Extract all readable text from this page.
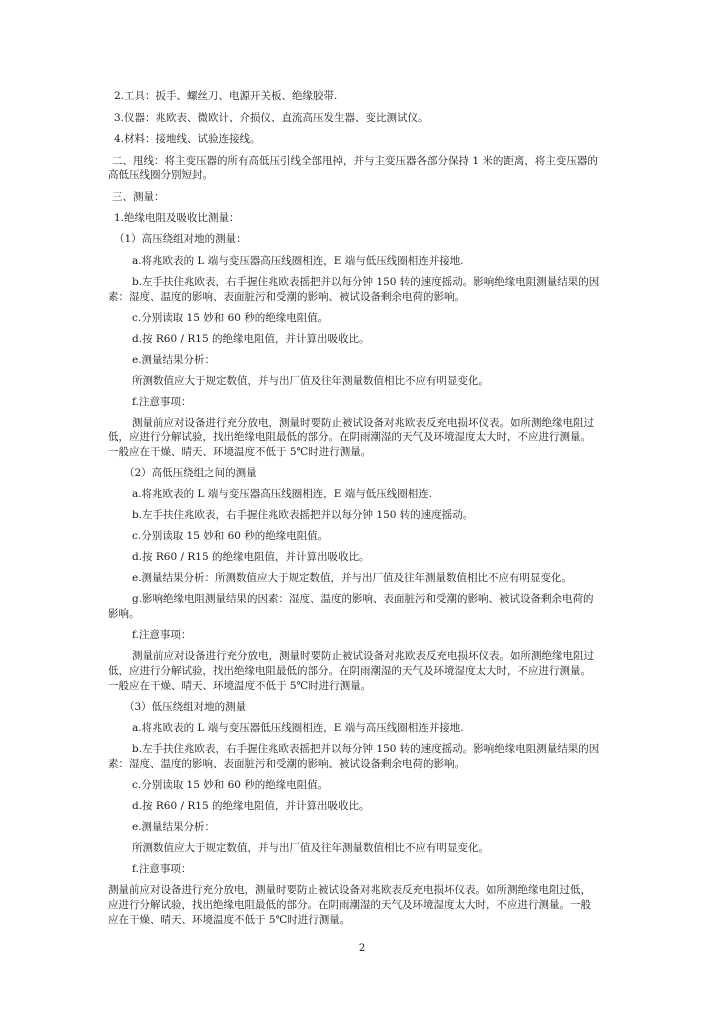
2.工具：扳手、螺丝刀、电源开关板、绝缘胶带.
3.仪器：兆欧表、微欧计、介损仪、直流高压发生器、变比测试仪。
4.材料：接地线、试验连接线。
二、甩线：将主变压器的所有高低压引线全部甩掉，并与主变压器各部分保持 1 米的距离，将主变压器的
高低压线圈分别短封。
三、测量：
1.绝缘电阻及吸收比测量：
（1）高压绕组对地的测量：
a.将兆欧表的 L 端与变压器高压线圈相连，E 端与低压线圈相连并接地.
b.左手扶住兆欧表，右手握住兆欧表摇把并以每分钟 150 转的速度摇动。影响绝缘电阻测量结果的因
素：湿度、温度的影响、表面脏污和受潮的影响、被试设备剩余电荷的影响。
c.分别读取 15 妙和 60 秒的绝缘电阻值。
d.按 R60 / R15 的绝缘电阻值，并计算出吸收比。
e.测量结果分析：
所测数值应大于规定数值，并与出厂值及往年测量数值相比不应有明显变化。
f.注意事项：
测量前应对设备进行充分放电，测量时要防止被试设备对兆欧表反充电损坏仪表。如所测绝缘电阻过
低，应进行分解试验，找出绝缘电阻最低的部分。在阴雨潮湿的天气及环境湿度太大时，不应进行测量。
一般应在干燥、晴天、环境温度不低于 5℃时进行测量。
（2）高低压绕组之间的测量
a.将兆欧表的 L 端与变压器高压线圈相连，E 端与低压线圈相连.
b.左手扶住兆欧表，右手握住兆欧表摇把并以每分钟 150 转的速度摇动。
c.分别读取 15 妙和 60 秒的绝缘电阻值。
d.按 R60 / R15 的绝缘电阻值，并计算出吸收比。
e.测量结果分析：所测数值应大于规定数值，并与出厂值及往年测量数值相比不应有明显变化。
g.影响绝缘电阻测量结果的因素：湿度、温度的影响、表面脏污和受潮的影响、被试设备剩余电荷的
影响。
f.注意事项：
测量前应对设备进行充分放电，测量时要防止被试设备对兆欧表反充电损坏仪表。如所测绝缘电阻过
低，应进行分解试验，找出绝缘电阻最低的部分。在阴雨潮湿的天气及环境湿度太大时，不应进行测量。
一般应在干燥、晴天、环境温度不低于 5℃时进行测量。
（3）低压绕组对地的测量
a.将兆欧表的 L 端与变压器低压线圈相连，E 端与高压线圈相连并接地.
b.左手扶住兆欧表，右手握住兆欧表摇把并以每分钟 150 转的速度摇动。影响绝缘电阻测量结果的因
素：湿度、温度的影响、表面脏污和受潮的影响、被试设备剩余电荷的影响。
c.分别读取 15 妙和 60 秒的绝缘电阻值。
d.按 R60 / R15 的绝缘电阻值，并计算出吸收比。
e.测量结果分析：
所测数值应大于规定数值，并与出厂值及往年测量数值相比不应有明显变化。
f.注意事项：
测量前应对设备进行充分放电，测量时要防止被试设备对兆欧表反充电损坏仪表。如所测绝缘电阻过低，
应进行分解试验，找出绝缘电阻最低的部分。在阴雨潮湿的天气及环境湿度太大时，不应进行测量。一般
应在干燥、晴天、环境温度不低于 5℃时进行测量。
2
